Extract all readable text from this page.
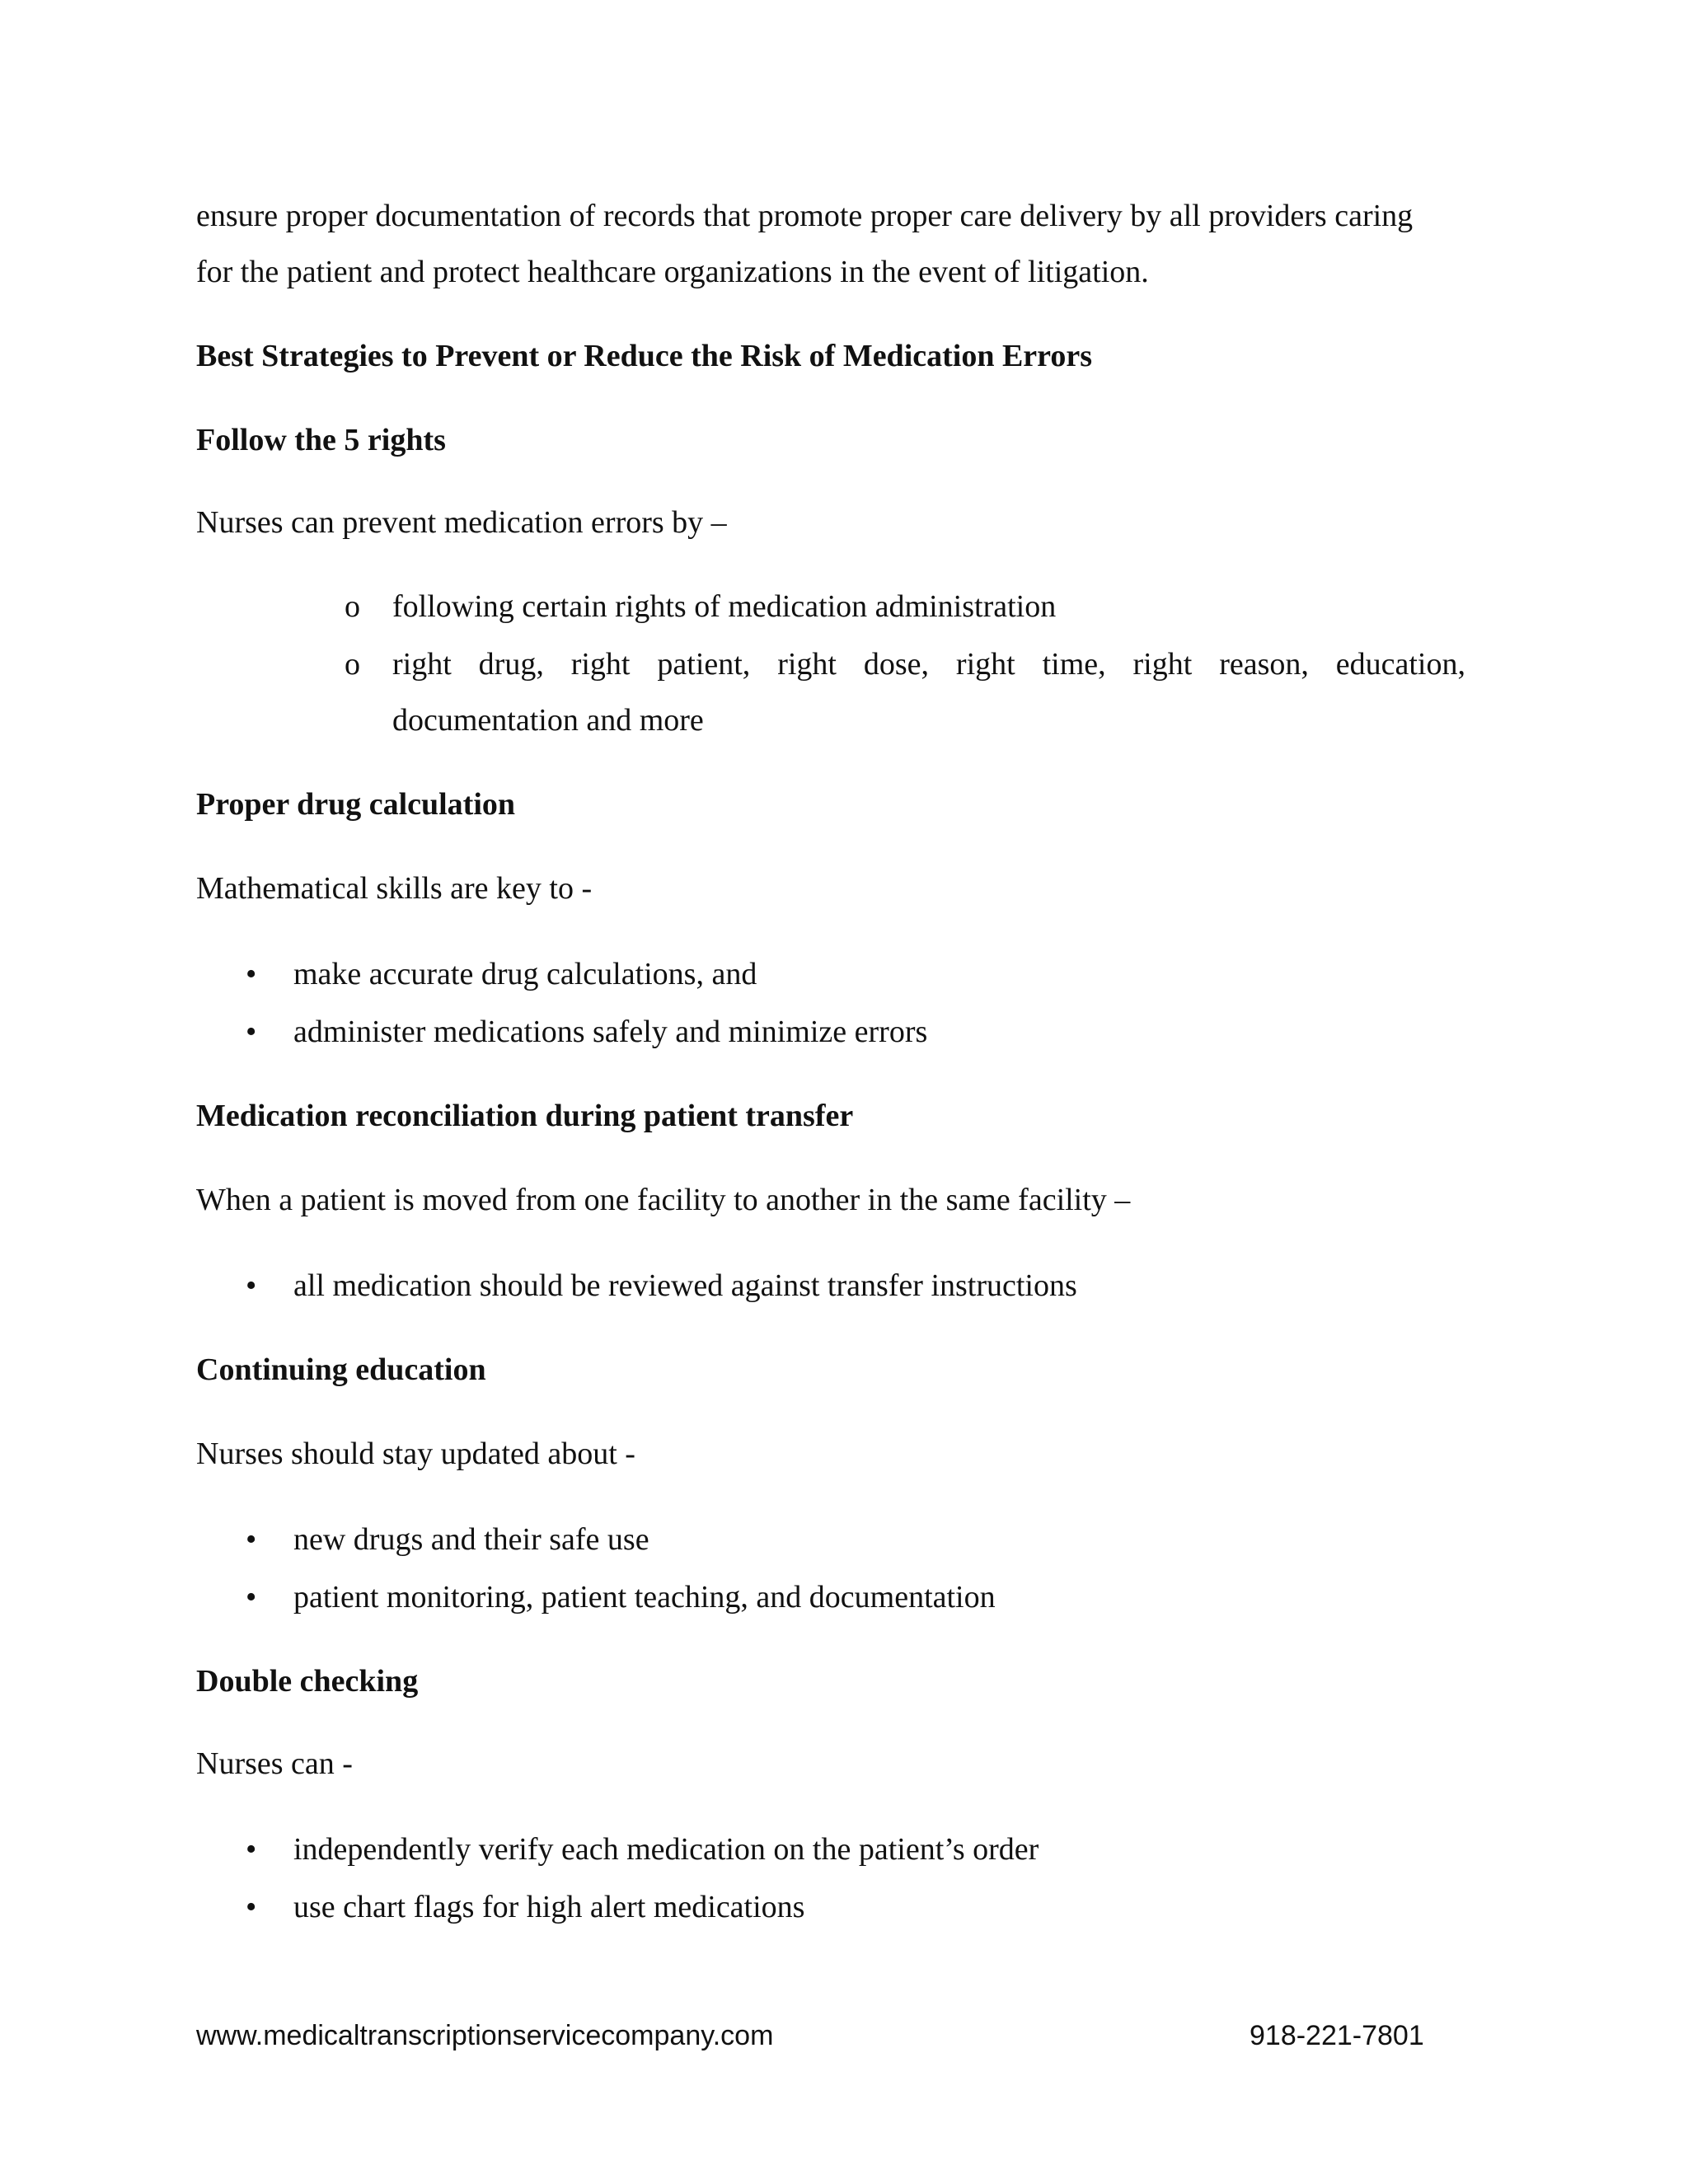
ensure proper documentation of records that promote proper care delivery by all providers caring
for the patient and protect healthcare organizations in the event of litigation.
Best Strategies to Prevent or Reduce the Risk of Medication Errors
Follow the 5 rights
Nurses can prevent medication errors by –
o following certain rights of medication administration
o right drug, right patient, right dose, right time, right reason, education,
documentation and more
Proper drug calculation
Mathematical skills are key to -
• make accurate drug calculations, and
• administer medications safely and minimize errors
Medication reconciliation during patient transfer
When a patient is moved from one facility to another in the same facility –
• all medication should be reviewed against transfer instructions
Continuing education
Nurses should stay updated about -
• new drugs and their safe use
• patient monitoring, patient teaching, and documentation
Double checking
Nurses can -
• independently verify each medication on the patient’s order
• use chart flags for high alert medications
www.medicaltranscriptionservicecompany.com	918-221-7801
